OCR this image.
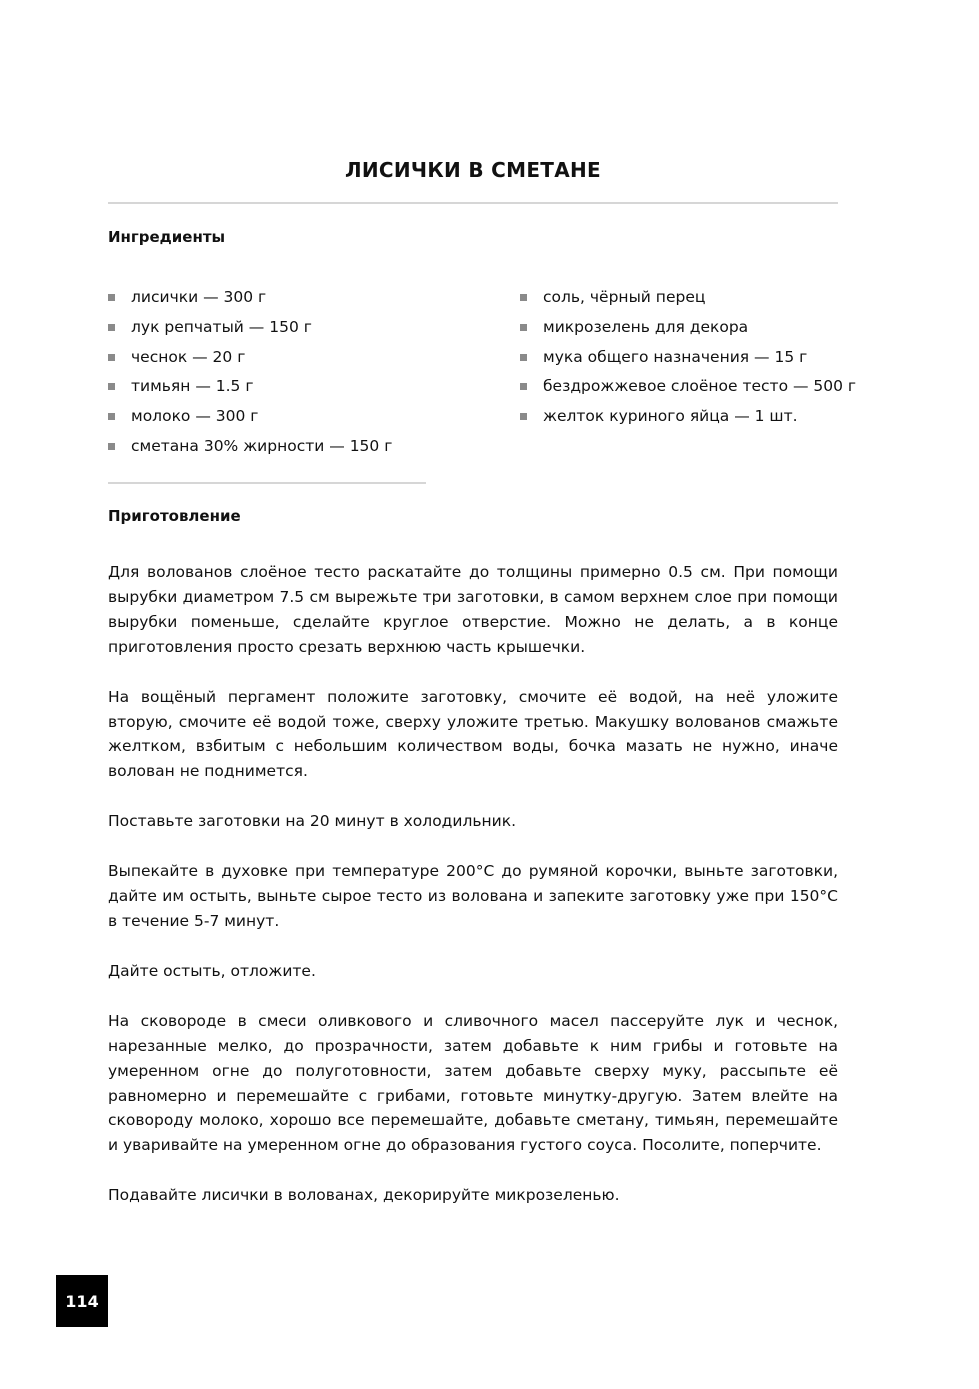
ЛИСИЧКИ В СМЕТАНЕ
Ингредиенты
лисички — 300 г
лук репчатый — 150 г
чеснок — 20 г
тимьян — 1.5 г
молоко — 300 г
сметана 30% жирности — 150 г
соль, чёрный перец
микрозелень для декора
мука общего назначения — 15 г
бездрожжевое слоёное тесто — 500 г
желток куриного яйца — 1 шт.
Приготовление

Для волованов слоёное тесто раскатайте до толщины примерно 0.5 см. При помощи вырубки диаметром 7.5 см вырежьте три заготовки, в самом верхнем слое при помощи вырубки поменьше, сделайте круглое отверстие. Можно не делать, а в конце приготовления просто срезать верхнюю часть крышечки.

На вощёный пергамент положите заготовку, смочите её водой, на неё уложите вторую, смочите её водой тоже, сверху уложите третью. Макушку волованов смажьте желтком, взбитым с небольшим количеством воды, бочка мазать не нужно, иначе волован не поднимется.

Поставьте заготовки на 20 минут в холодильник.

Выпекайте в духовке при температуре 200°С до румяной корочки, выньте заготовки, дайте им остыть, выньте сырое тесто из волована и запеките заготовку уже при 150°С в течение 5-7 минут.

Дайте остыть, отложите.

На сковороде в смеси оливкового и сливочного масел пассеруйте лук и чеснок, нарезанные мелко, до прозрачности, затем добавьте к ним грибы и готовьте на умеренном огне до полуготовности, затем добавьте сверху муку, рассыпьте её равномерно и перемешайте с грибами, готовьте минутку-другую. Затем влейте на сковороду молоко, хорошо все перемешайте, добавьте сметану, тимьян, перемешайте и уваривайте на умеренном огне до образования густого соуса. Посолите, поперчите.

Подавайте лисички в волованах, декорируйте микрозеленью.

114
